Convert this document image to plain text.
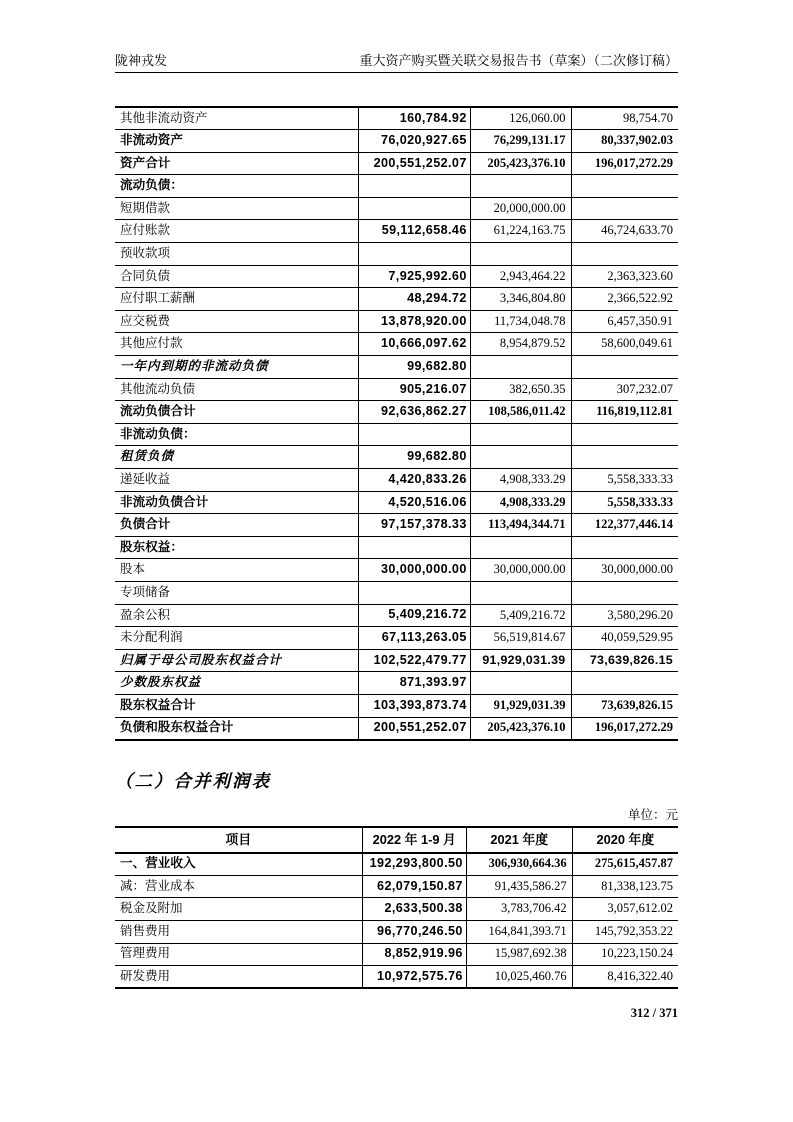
陇神戎发	重大资产购买暨关联交易报告书（草案）（二次修订稿）
其他非流动资产	160,784.92	126,060.00	98,754.70
非流动资产	76,020,927.65	76,299,131.17	80,337,902.03
资产合计	200,551,252.07	205,423,376.10	196,017,272.29
流动负债：			
短期借款		20,000,000.00	
应付账款	59,112,658.46	61,224,163.75	46,724,633.70
预收款项			
合同负债	7,925,992.60	2,943,464.22	2,363,323.60
应付职工薪酬	48,294.72	3,346,804.80	2,366,522.92
应交税费	13,878,920.00	11,734,048.78	6,457,350.91
其他应付款	10,666,097.62	8,954,879.52	58,600,049.61
一年内到期的非流动负债	99,682.80		
其他流动负债	905,216.07	382,650.35	307,232.07
流动负债合计	92,636,862.27	108,586,011.42	116,819,112.81
非流动负债：			
租赁负债	99,682.80		
递延收益	4,420,833.26	4,908,333.29	5,558,333.33
非流动负债合计	4,520,516.06	4,908,333.29	5,558,333.33
负债合计	97,157,378.33	113,494,344.71	122,377,446.14
股东权益：			
股本	30,000,000.00	30,000,000.00	30,000,000.00
专项储备			
盈余公积	5,409,216.72	5,409,216.72	3,580,296.20
未分配利润	67,113,263.05	56,519,814.67	40,059,529.95
归属于母公司股东权益合计	102,522,479.77	91,929,031.39	73,639,826.15
少数股东权益	871,393.97		
股东权益合计	103,393,873.74	91,929,031.39	73,639,826.15
负债和股东权益合计	200,551,252.07	205,423,376.10	196,017,272.29
（二）合并利润表
单位：元
项目	2022 年 1-9 月	2021 年度	2020 年度
一、营业收入	192,293,800.50	306,930,664.36	275,615,457.87
减：营业成本	62,079,150.87	91,435,586.27	81,338,123.75
税金及附加	2,633,500.38	3,783,706.42	3,057,612.02
销售费用	96,770,246.50	164,841,393.71	145,792,353.22
管理费用	8,852,919.96	15,987,692.38	10,223,150.24
研发费用	10,972,575.76	10,025,460.76	8,416,322.40
312 / 371
